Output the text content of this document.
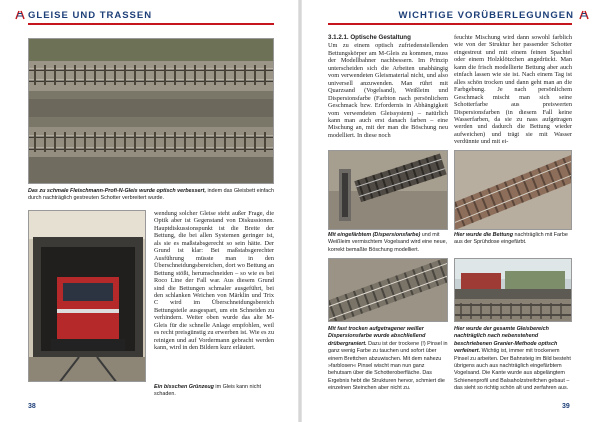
GLEISE UND TRASSEN
Das zu schmale Fleischmann-Profi-N-Gleis wurde optisch verbessert, indem das Gleisbett einfach durch nachträglich gestreuten Schotter verbreitert wurde.
wendung solcher Gleise steht außer Frage, die Optik aber ist Gegenstand von Diskussionen. Hauptdiskussionspunkt ist die Breite der Bettung, die bei allen Systemen geringer ist, als sie es maßstabsgerecht so sein hätte. Der Grund ist klar: Bei maßstabsgerechter Ausführung müsste man in den Überschneidungsbereichen, dort wo Bettung an Bettung stößt, herumschneiden – so wie es bei Roco Line der Fall war. Aus diesem Grund sind die Bettungen schmaler ausgeführt, bei den schlanken Weichen von Märklin und Trix C wird im Überschneidungsbereich Bettungsteile ausgespart, um ein Schneiden zu verhindern. Weiter oben wurde das alte M-Gleis für die schnelle Anlage empfohlen, weil es recht preisgünstig zu erwerben ist. Wie es zu reinigen und auf Vordermann gebracht werden kann, wird in den Bildern kurz erläutert.
Ein bisschen Grünzeug im Gleis kann nicht schaden.
38
WICHTIGE VORÜBERLEGUNGEN
3.1.2.1. Optische Gestaltung
Um zu einem optisch zufriedenstellenden Bettungskörper am M-Gleis zu kommen, muss der Modellbahner nachbessern. Im Prinzip unterscheiden sich die Arbeiten unabhängig vom verwendeten Gleismaterial nicht, und also universell anzuwenden. Man rührt mit Quarzsand (Vogelsand), Weißleim und Dispersionsfarbe (Farbton nach persönlichem Geschmack bzw. Erfordernis in Abhängigkeit vom verwendeten Gleissystem) – natürlich kann man auch erst danach farben – eine Mischung an, mit der man die Böschung neu modelliert. In diese noch
feuchte Mischung wird dann sowohl farblich wie von der Struktur her passender Schotter eingestreut und mit einem feinen Spachtel oder einem Holzklötzchen angedrückt. Man kann die frisch modellierte Bettung aber auch einfach lassen wie sie ist. Nach einem Tag ist alles schön trocken und dann geht man an die Farbgebung. Je nach persönlichem Geschmack mischt man sich seine Schotterfarbe aus preiswerten Dispersionsfarben (in diesem Fall keine Wasserfarben, da sie zu nass aufgetragen werden und dadurch die Bettung wieder aufweichen) und trägt sie mit Wasser verdünnte und mit ei-
Mit eingefärbtem (Dispersionsfarbe) und mit Weißleim vermischtem Vogelsand wird eine neue, korrekt bemaßte Böschung modelliert.
Hier wurde die Bettung nachträglich mit Farbe aus der Sprühdose eingefärbt.
Mit fast trocken aufgetragener weißer Dispersionsfarbe wurde abschließend drübergraniert. Dazu ist der trockene (!) Pinsel in ganz wenig Farbe zu tauchen und sofort über einem Brettchen abzuwischen. Mit dem nahezu »farblosen« Pinsel wischt man nun ganz behutsam über die Schotteroberfläche. Das Ergebnis hebt die Strukturen hervor, schmiert die einzelnen Steinchen aber nicht zu.
Hier wurde der gesamte Gleisbereich nachträglich nach nebenstehend beschriebenen Granier-Methode optisch verfeinert. Wichtig ist, immer mit trockenem Pinsel zu arbeiten. Der Bahnsteig im Bild besteht übrigens auch aus nachträglich eingefärbtem Vogelsand. Die Kante wurde aus abgelängtem Schienenprofil und Balsaholzstreifchen gebaut – das sieht so richtig schön alt und zerfahren aus.
39
